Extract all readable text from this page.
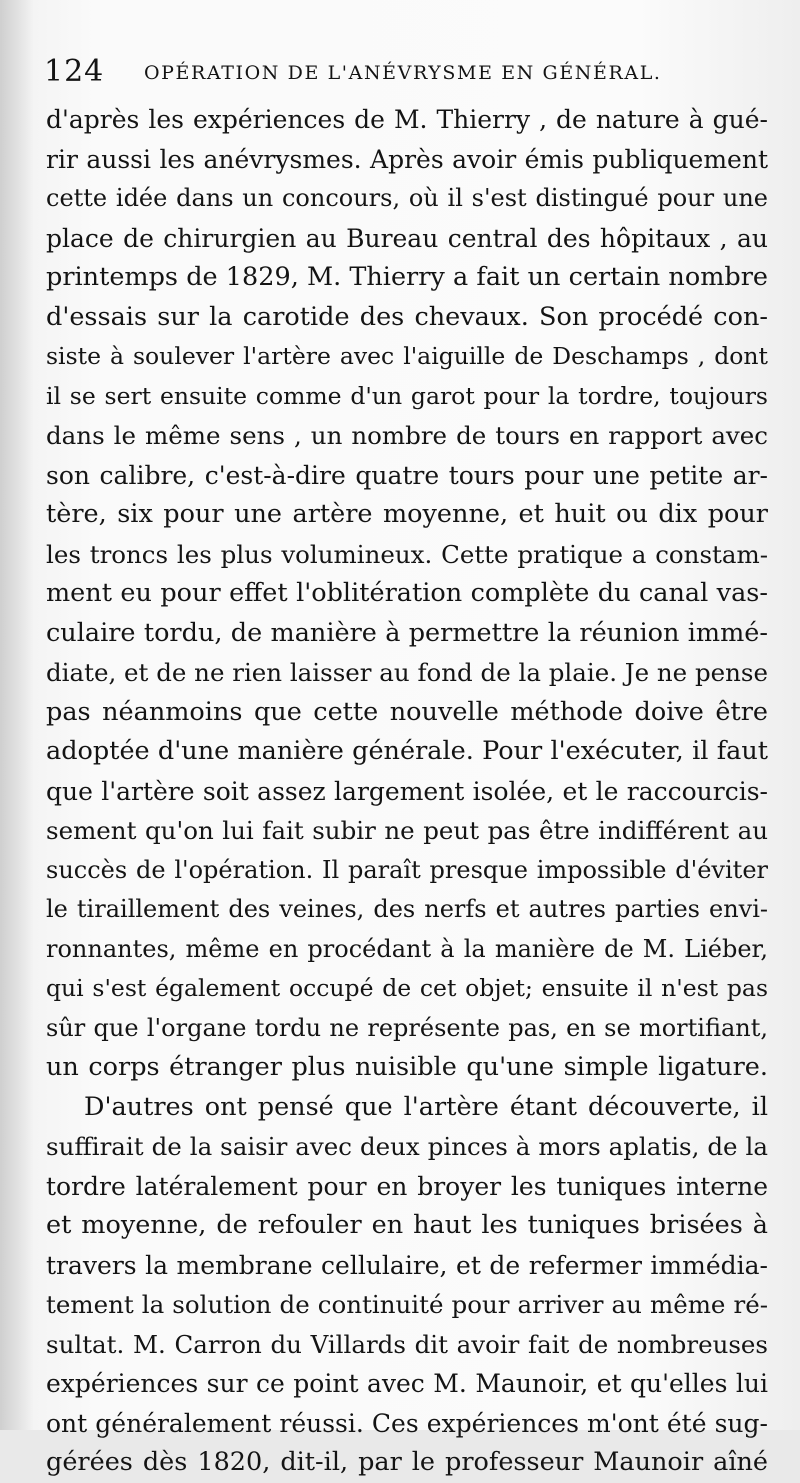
124 OPÉRATION DE L'ANÉVRYSME EN GÉNÉRAL.
d'après les expériences de M. Thierry , de nature à gué-
rir aussi les anévrysmes. Après avoir émis publiquement
cette idée dans un concours, où il s'est distingué pour une
place de chirurgien au Bureau central des hôpitaux , au
printemps de 1829, M. Thierry a fait un certain nombre
d'essais sur la carotide des chevaux. Son procédé con-
siste à soulever l'artère avec l'aiguille de Deschamps , dont
il se sert ensuite comme d'un garot pour la tordre, toujours
dans le même sens , un nombre de tours en rapport avec
son calibre, c'est-à-dire quatre tours pour une petite ar-
tère, six pour une artère moyenne, et huit ou dix pour
les troncs les plus volumineux. Cette pratique a constam-
ment eu pour effet l'oblitération complète du canal vas-
culaire tordu, de manière à permettre la réunion immé-
diate, et de ne rien laisser au fond de la plaie. Je ne pense
pas néanmoins que cette nouvelle méthode doive être
adoptée d'une manière générale. Pour l'exécuter, il faut
que l'artère soit assez largement isolée, et le raccourcis-
sement qu'on lui fait subir ne peut pas être indifférent au
succès de l'opération. Il paraît presque impossible d'éviter
le tiraillement des veines, des nerfs et autres parties envi-
ronnantes, même en procédant à la manière de M. Liéber,
qui s'est également occupé de cet objet; ensuite il n'est pas
sûr que l'organe tordu ne représente pas, en se mortifiant,
un corps étranger plus nuisible qu'une simple ligature.
D'autres ont pensé que l'artère étant découverte, il
suffirait de la saisir avec deux pinces à mors aplatis, de la
tordre latéralement pour en broyer les tuniques interne
et moyenne, de refouler en haut les tuniques brisées à
travers la membrane cellulaire, et de refermer immédia-
tement la solution de continuité pour arriver au même ré-
sultat. M. Carron du Villards dit avoir fait de nombreuses
expériences sur ce point avec M. Maunoir, et qu'elles lui
ont généralement réussi. Ces expériences m'ont été sug-
gérées dès 1820, dit-il, par le professeur Maunoir aîné
